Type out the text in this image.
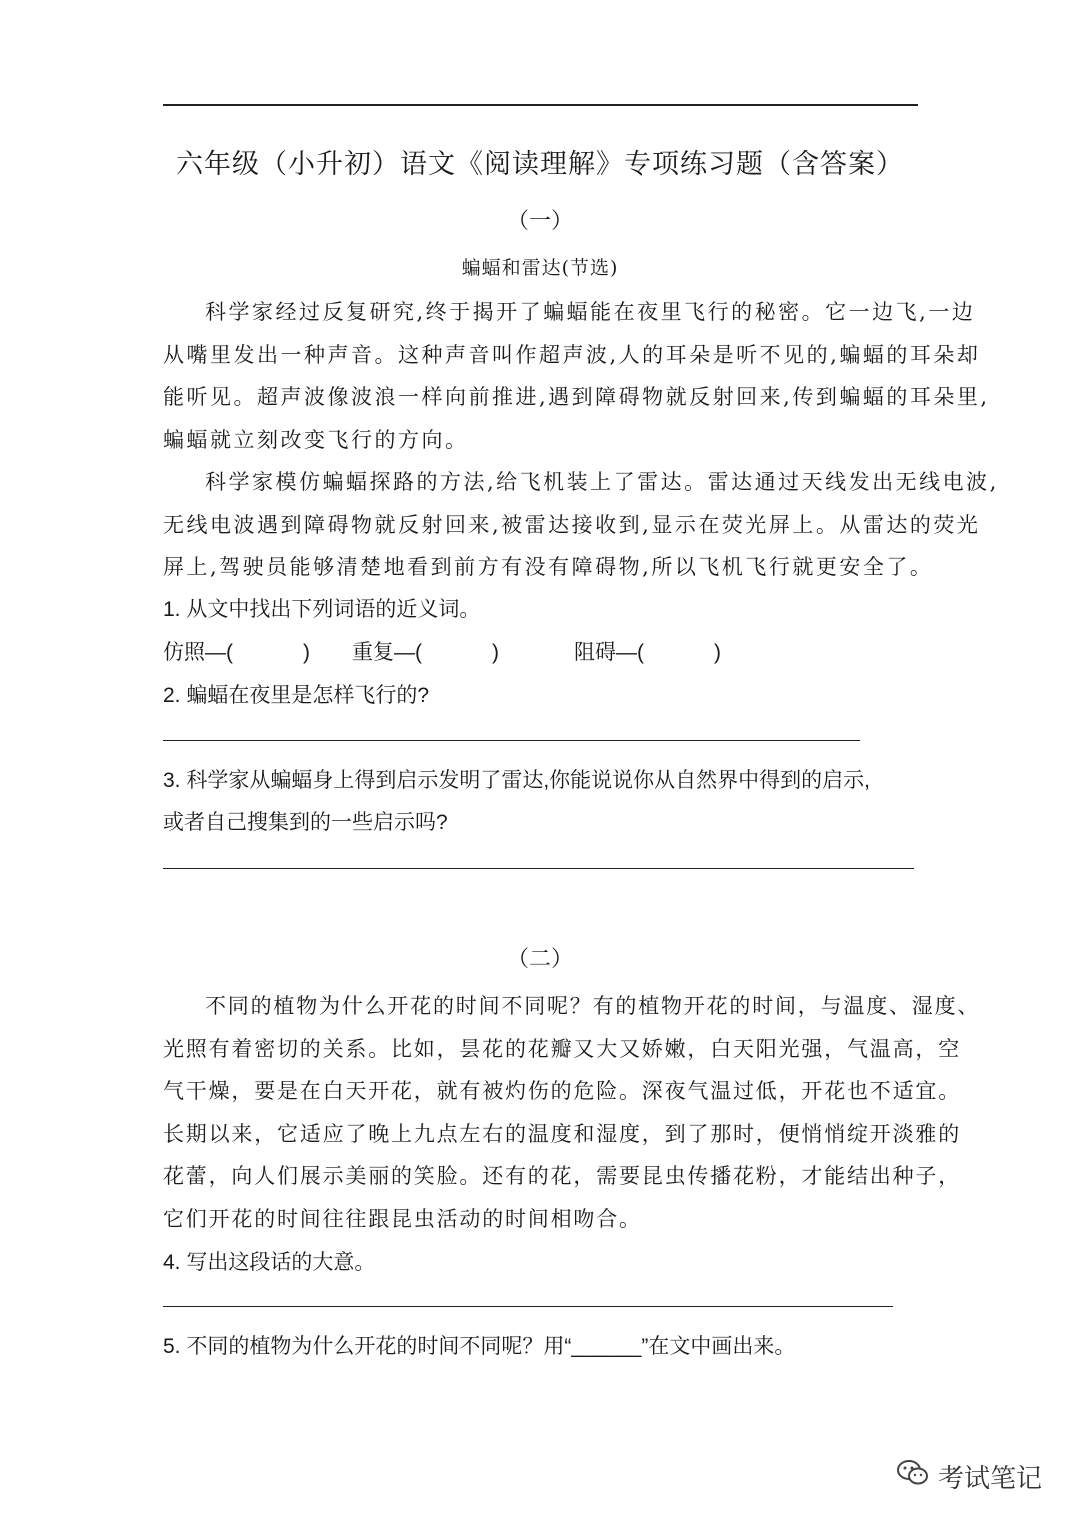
六年级（小升初）语文《阅读理解》专项练习题（含答案）
（一）
蝙蝠和雷达(节选)
科学家经过反复研究,终于揭开了蝙蝠能在夜里飞行的秘密。它一边飞,一边
从嘴里发出一种声音。这种声音叫作超声波,人的耳朵是听不见的,蝙蝠的耳朵却
能听见。超声波像波浪一样向前推进,遇到障碍物就反射回来,传到蝙蝠的耳朵里,
蝙蝠就立刻改变飞行的方向。
科学家模仿蝙蝠探路的方法,给飞机装上了雷达。雷达通过天线发出无线电波,
无线电波遇到障碍物就反射回来,被雷达接收到,显示在荧光屏上。从雷达的荧光
屏上,驾驶员能够清楚地看到前方有没有障碍物,所以飞机飞行就更安全了。
1. 从文中找出下列词语的近义词。
仿照—(	) 重复—(	)	阻碍—(	)
2. 蝙蝠在夜里是怎样飞行的?
3. 科学家从蝙蝠身上得到启示发明了雷达,你能说说你从自然界中得到的启示,
或者自己搜集到的一些启示吗?
（二）
不同的植物为什么开花的时间不同呢？有的植物开花的时间，与温度、湿度、
光照有着密切的关系。比如，昙花的花瓣又大又娇嫩，白天阳光强，气温高，空
气干燥，要是在白天开花，就有被灼伤的危险。深夜气温过低，开花也不适宜。
长期以来，它适应了晚上九点左右的温度和湿度，到了那时，便悄悄绽开淡雅的
花蕾，向人们展示美丽的笑脸。还有的花，需要昆虫传播花粉，才能结出种子，
它们开花的时间往往跟昆虫活动的时间相吻合。
4. 写出这段话的大意。
5. 不同的植物为什么开花的时间不同呢？用“______”在文中画出来。
考试笔记
